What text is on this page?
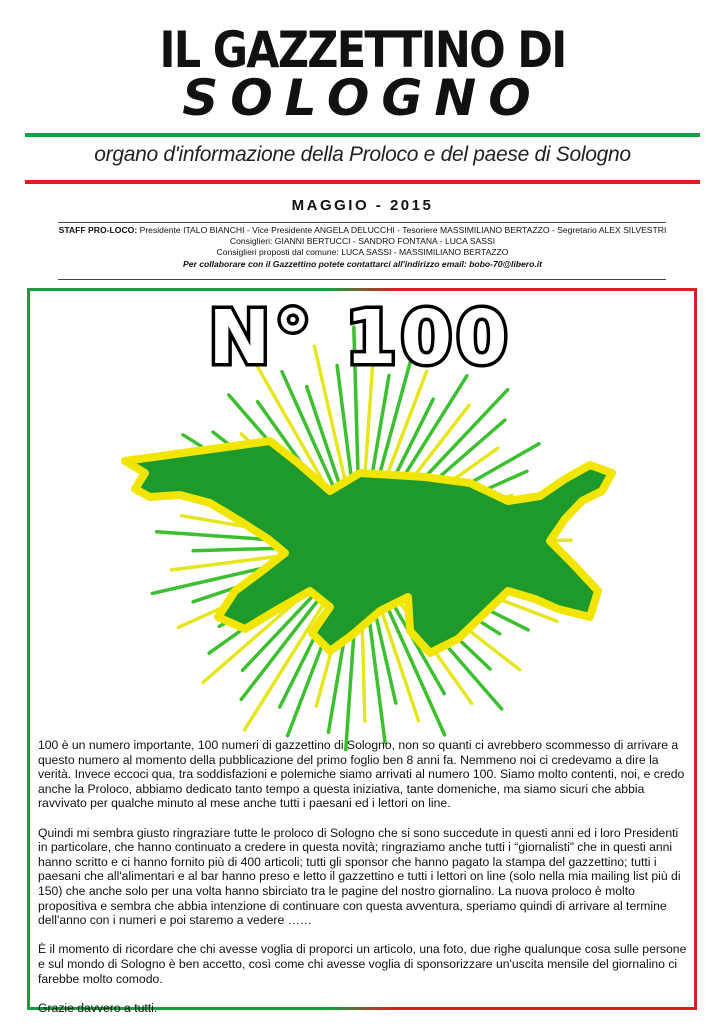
IL GAZZETTINO DI
SOLOGNO
organo d'informazione della Proloco e del paese di Sologno
MAGGIO - 2015
STAFF PRO-LOCO: Presidente ITALO BIANCHI - Vice Presidente ANGELA DELUCCHI - Tesoriere MASSIMILIANO BERTAZZO - Segretario ALEX SILVESTRI
Consiglieri: GIANNI BERTUCCI - SANDRO FONTANA - LUCA SASSI
Consiglieri proposti dal comune: LUCA SASSI - MASSIMILIANO BERTAZZO
Per collaborare con il Gazzettino potete contattarci all'indirizzo email: bobo-70@libero.it
N° 100

100 è un numero importante, 100 numeri di gazzettino di Sologno, non so quanti ci avrebbero scommesso di arrivare a questo numero al momento della pubblicazione del primo foglio ben 8 anni fa. Nemmeno noi ci credevamo a dire la verità. Invece eccoci qua, tra soddisfazioni e polemiche siamo arrivati al numero 100. Siamo molto contenti, noi, e credo anche la Proloco, abbiamo dedicato tanto tempo a questa iniziativa, tante domeniche, ma siamo sicuri che abbia ravvivato per qualche minuto al mese anche tutti i paesani ed i lettori on line.

Quindi mi sembra giusto ringraziare tutte le proloco di Sologno che si sono succedute in questi anni ed i loro Presidenti in particolare, che hanno continuato a credere in questa novità; ringraziamo anche tutti i “giornalisti” che in questi anni hanno scritto e ci hanno fornito più di 400 articoli; tutti gli sponsor che hanno pagato la stampa del gazzettino; tutti i paesani che all'alimentari e al bar hanno preso e letto il gazzettino e tutti i lettori on line (solo nella mia mailing list più di 150) che anche solo per una volta hanno sbirciato tra le pagine del nostro giornalino. La nuova proloco è molto propositiva e sembra che abbia intenzione di continuare con questa avventura, speriamo quindi di arrivare al termine dell'anno con i numeri e poi staremo a vedere ……

È il momento di ricordare che chi avesse voglia di proporci un articolo, una foto, due righe qualunque cosa sulle persone e sul mondo di Sologno è ben accetto, così come chi avesse voglia di sponsorizzare un'uscita mensile del giornalino ci farebbe molto comodo.

Grazie davvero a tutti.
